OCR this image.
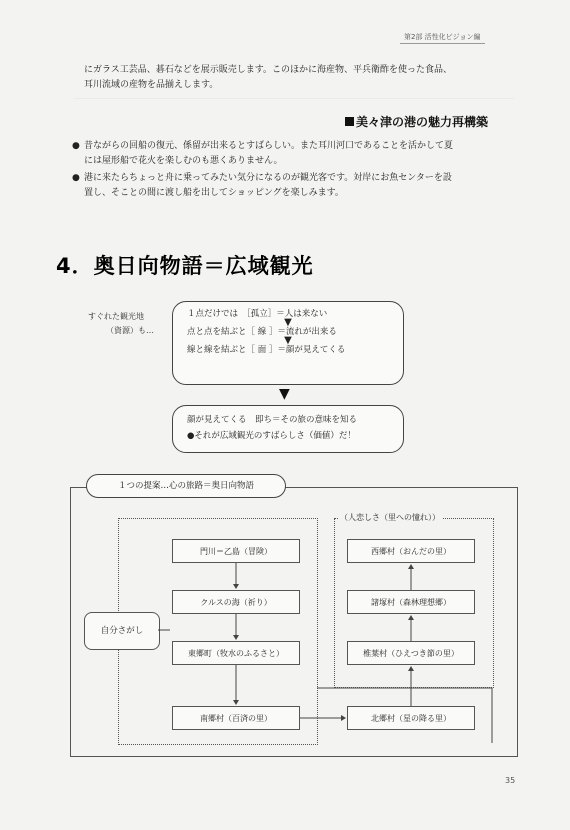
第2部 活性化ビジョン編
にガラス工芸品、碁石などを展示販売します。このほかに海産物、平兵衛酢を使った食品、
耳川流域の産物を品揃えします。
美々津の港の魅力再構築
● 昔ながらの回船の復元、係留が出来るとすばらしい。また耳川河口であることを活かして夏
には屋形船で花火を楽しむのも悪くありません。
● 港に来たらちょっと舟に乗ってみたい気分になるのが観光客です。対岸にお魚センターを設
置し、そことの間に渡し船を出してショッピングを楽しみます。
4．奥日向物語＝広域観光
すぐれた観光地
（資源）も…
１点だけでは　［孤立］＝人は来ない
▼
点と点を結ぶと［ 線 ］＝流れが出来る
▼
線と線を結ぶと［ 面 ］＝顔が見えてくる
▼
顔が見えてくる　即ち＝その旅の意味を知る
●それが広域観光のすばらしさ（価値）だ！
１つの提案…心の旅路＝奥日向物語
（人恋しさ（里への憧れ））
自分さがし
門川＝乙島（冒険）
クルスの海（祈り）
東郷町（牧水のふるさと）
南郷村（百済の里）
西郷村（おんだの里）
諸塚村（森林理想郷）
椎葉村（ひえつき節の里）
北郷村（星の降る里）
35
